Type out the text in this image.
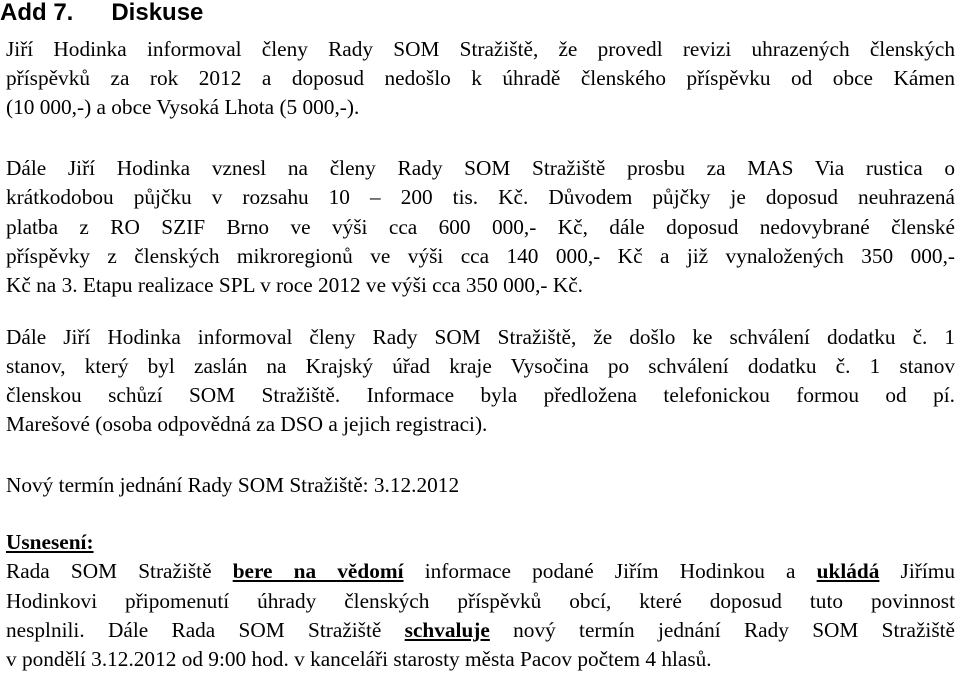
Add 7. Diskuse
Jiří Hodinka informoval členy Rady SOM Stražiště, že provedl revizi uhrazených členských
příspěvků za rok 2012 a doposud nedošlo k úhradě členského příspěvku od obce Kámen
(10 000,-) a obce Vysoká Lhota (5 000,-).
Dále Jiří Hodinka vznesl na členy Rady SOM Stražiště prosbu za MAS Via rustica o
krátkodobou půjčku v rozsahu 10 – 200 tis. Kč. Důvodem půjčky je doposud neuhrazená
platba z RO SZIF Brno ve výši cca 600 000,- Kč, dále doposud nedovybrané členské
příspěvky z členských mikroregionů ve výši cca 140 000,- Kč a již vynaložených 350 000,-
Kč na 3. Etapu realizace SPL v roce 2012 ve výši cca 350 000,- Kč.
Dále Jiří Hodinka informoval členy Rady SOM Stražiště, že došlo ke schválení dodatku č. 1
stanov, který byl zaslán na Krajský úřad kraje Vysočina po schválení dodatku č. 1 stanov
členskou schůzí SOM Stražiště. Informace byla předložena telefonickou formou od pí.
Marešové (osoba odpovědná za DSO a jejich registraci).
Nový termín jednání Rady SOM Stražiště: 3.12.2012
Usnesení:
Rada SOM Stražiště bere na vědomí informace podané Jiřím Hodinkou a ukládá Jiřímu
Hodinkovi připomenutí úhrady členských příspěvků obcí, které doposud tuto povinnost
nesplnili. Dále Rada SOM Stražiště schvaluje nový termín jednání Rady SOM Stražiště
v pondělí 3.12.2012 od 9:00 hod. v kanceláři starosty města Pacov počtem 4 hlasů.
